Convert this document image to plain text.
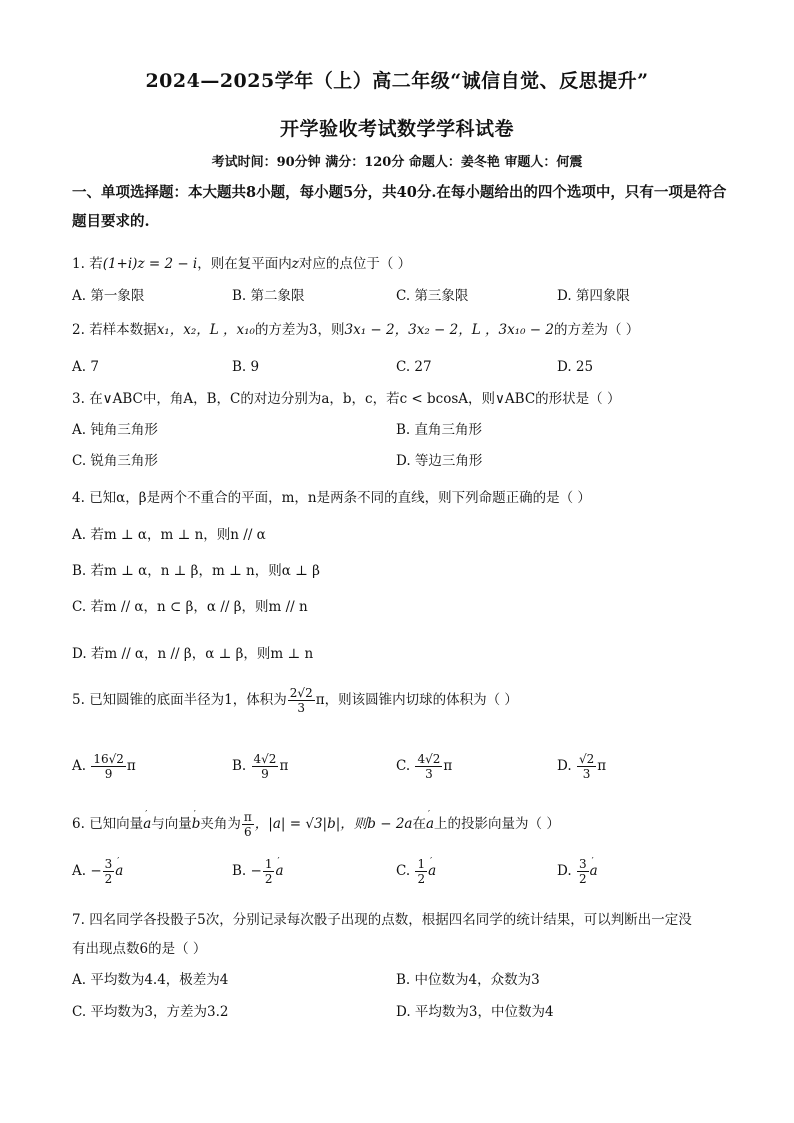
2024—2025学年（上）高二年级“诚信自觉、反思提升”
开学验收考试数学学科试卷
考试时间：90分钟 满分：120分 命题人：姜冬艳 审题人：何震
一、单项选择题：本大题共8小题，每小题5分，共40分.在每小题给出的四个选项中，只有一项是符合题目要求的.
1. 若(1+i)z = 2 − i，则在复平面内z对应的点位于（ ）
A. 第一象限	B. 第二象限	C. 第三象限	D. 第四象限
2. 若样本数据x₁，x₂，L ，x₁₀的方差为3，则3x₁ − 2，3x₂ − 2，L ，3x₁₀ − 2的方差为（ ）
A. 7	B. 9	C. 27	D. 25
3. 在∨ABC中，角A，B，C的对边分别为a，b，c，若c < bcosA，则∨ABC的形状是（ ）
A. 钝角三角形	B. 直角三角形
C. 锐角三角形	D. 等边三角形
4. 已知α，β是两个不重合的平面，m，n是两条不同的直线，则下列命题正确的是（ ）
A. 若m ⊥ α，m ⊥ n，则n // α
B. 若m ⊥ α，n ⊥ β，m ⊥ n，则α ⊥ β
C. 若m // α，n ⊂ β，α // β，则m // n
D. 若m // α，n // β，α ⊥ β，则m ⊥ n
5. 已知圆锥的底面半径为1，体积为 $\frac{2√2}{3}$ π，则该圆锥内切球的体积为（ ）
A. $\frac{16√2}{9}$ π	B. $\frac{4√2}{9}$ π	C. $\frac{4√2}{3}$ π	D. $\frac{√2}{3}$ π
6. 已知向量′ a与向量′ b夹角为 $\frac{\pi}{6}$ ，|a| = √3|b|，则b − 2a在′ a上的投影向量为（ ）
A. − $\frac{3}{2}$ ′ a	B. − $\frac{1}{2}$ ′ a	C. $\frac{1}{2}$ ′ a	D. $\frac{3}{2}$ ′ a
7. 四名同学各投骰子5次，分别记录每次骰子出现的点数，根据四名同学的统计结果，可以判断出一定没
有出现点数6的是（ ）
A. 平均数为4.4，极差为4	B. 中位数为4，众数为3
C. 平均数为3，方差为3.2	D. 平均数为3，中位数为4
